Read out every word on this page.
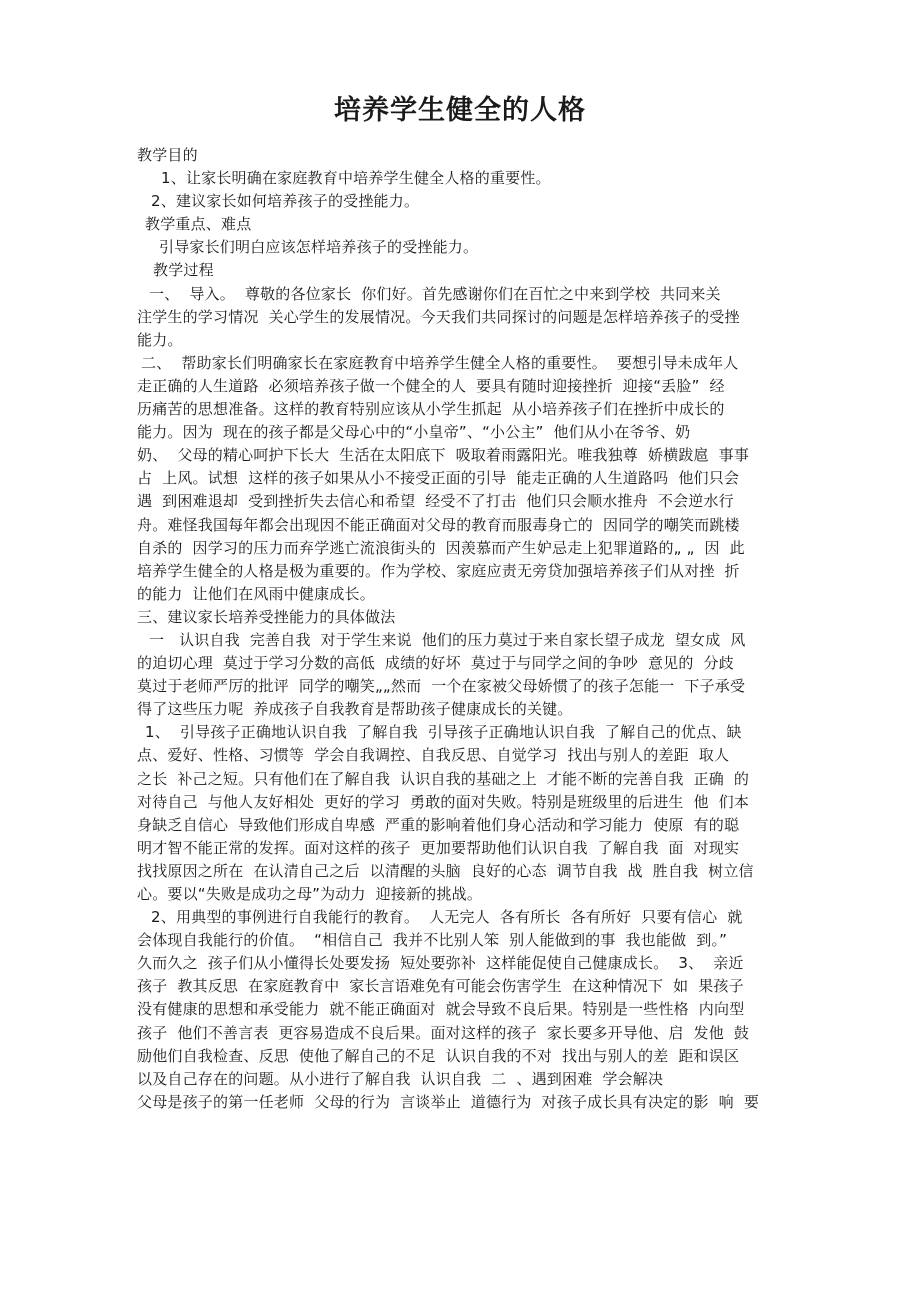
培养学生健全的人格
教学目的
1、让家长明确在家庭教育中培养学生健全人格的重要性。
2、建议家长如何培养孩子的受挫能力。
教学重点、难点
引导家长们明白应该怎样培养孩子的受挫能力。
教学过程
一、  导入。  尊敬的各位家长  你们好。首先感谢你们在百忙之中来到学校  共同来关
注学生的学习情况  关心学生的发展情况。今天我们共同探讨的问题是怎样培养孩子的受挫
能力。
二、  帮助家长们明确家长在家庭教育中培养学生健全人格的重要性。  要想引导未成年人
走正确的人生道路  必须培养孩子做一个健全的人  要具有随时迎接挫折  迎接“丢脸”  经
历痛苦的思想准备。这样的教育特别应该从小学生抓起  从小培养孩子们在挫折中成长的
能力。因为  现在的孩子都是父母心中的“小皇帝”、“小公主”  他们从小在爷爷、奶
奶、  父母的精心呵护下长大  生活在太阳底下  吸取着雨露阳光。唯我独尊  娇横跋扈  事事
占  上风。试想  这样的孩子如果从小不接受正面的引导  能走正确的人生道路吗  他们只会
遇  到困难退却  受到挫折失去信心和希望  经受不了打击  他们只会顺水推舟  不会逆水行
舟。难怪我国每年都会出现因不能正确面对父母的教育而服毒身亡的  因同学的嘲笑而跳楼
自杀的  因学习的压力而弃学逃亡流浪街头的  因羡慕而产生妒忌走上犯罪道路的„ „  因  此
培养学生健全的人格是极为重要的。作为学校、家庭应责无旁贷加强培养孩子们从对挫  折
的能力  让他们在风雨中健康成长。
三、建议家长培养受挫能力的具体做法
一   认识自我  完善自我  对于学生来说  他们的压力莫过于来自家长望子成龙  望女成  风
的迫切心理  莫过于学习分数的高低  成绩的好坏  莫过于与同学之间的争吵  意见的  分歧
莫过于老师严厉的批评  同学的嘲笑„„然而  一个在家被父母娇惯了的孩子怎能一  下子承受
得了这些压力呢  养成孩子自我教育是帮助孩子健康成长的关键。
1、  引导孩子正确地认识自我  了解自我  引导孩子正确地认识自我  了解自己的优点、缺
点、爱好、性格、习惯等  学会自我调控、自我反思、自觉学习  找出与别人的差距  取人
之长  补己之短。只有他们在了解自我  认识自我的基础之上  才能不断的完善自我  正确  的
对待自己  与他人友好相处  更好的学习  勇敢的面对失败。特别是班级里的后进生  他  们本
身缺乏自信心  导致他们形成自卑感  严重的影响着他们身心活动和学习能力  使原  有的聪
明才智不能正常的发挥。面对这样的孩子  更加要帮助他们认识自我  了解自我  面  对现实
找找原因之所在  在认清自己之后  以清醒的头脑  良好的心态  调节自我  战  胜自我  树立信
心。要以“失败是成功之母”为动力  迎接新的挑战。
2、用典型的事例进行自我能行的教育。  人无完人  各有所长  各有所好  只要有信心  就
会体现自我能行的价值。  “相信自己  我并不比别人笨  别人能做到的事  我也能做  到。”
久而久之  孩子们从小懂得长处要发扬  短处要弥补  这样能促使自己健康成长。  3、  亲近
孩子  教其反思  在家庭教育中  家长言语难免有可能会伤害学生  在这种情况下  如  果孩子
没有健康的思想和承受能力  就不能正确面对  就会导致不良后果。特别是一些性格  内向型
孩子  他们不善言表  更容易造成不良后果。面对这样的孩子  家长要多开导他、启  发他  鼓
励他们自我检查、反思  使他了解自己的不足  认识自我的不对  找出与别人的差  距和误区
以及自己存在的问题。从小进行了解自我  认识自我  二  、遇到困难  学会解决
父母是孩子的第一任老师  父母的行为  言谈举止  道德行为  对孩子成长具有决定的影  响  要
